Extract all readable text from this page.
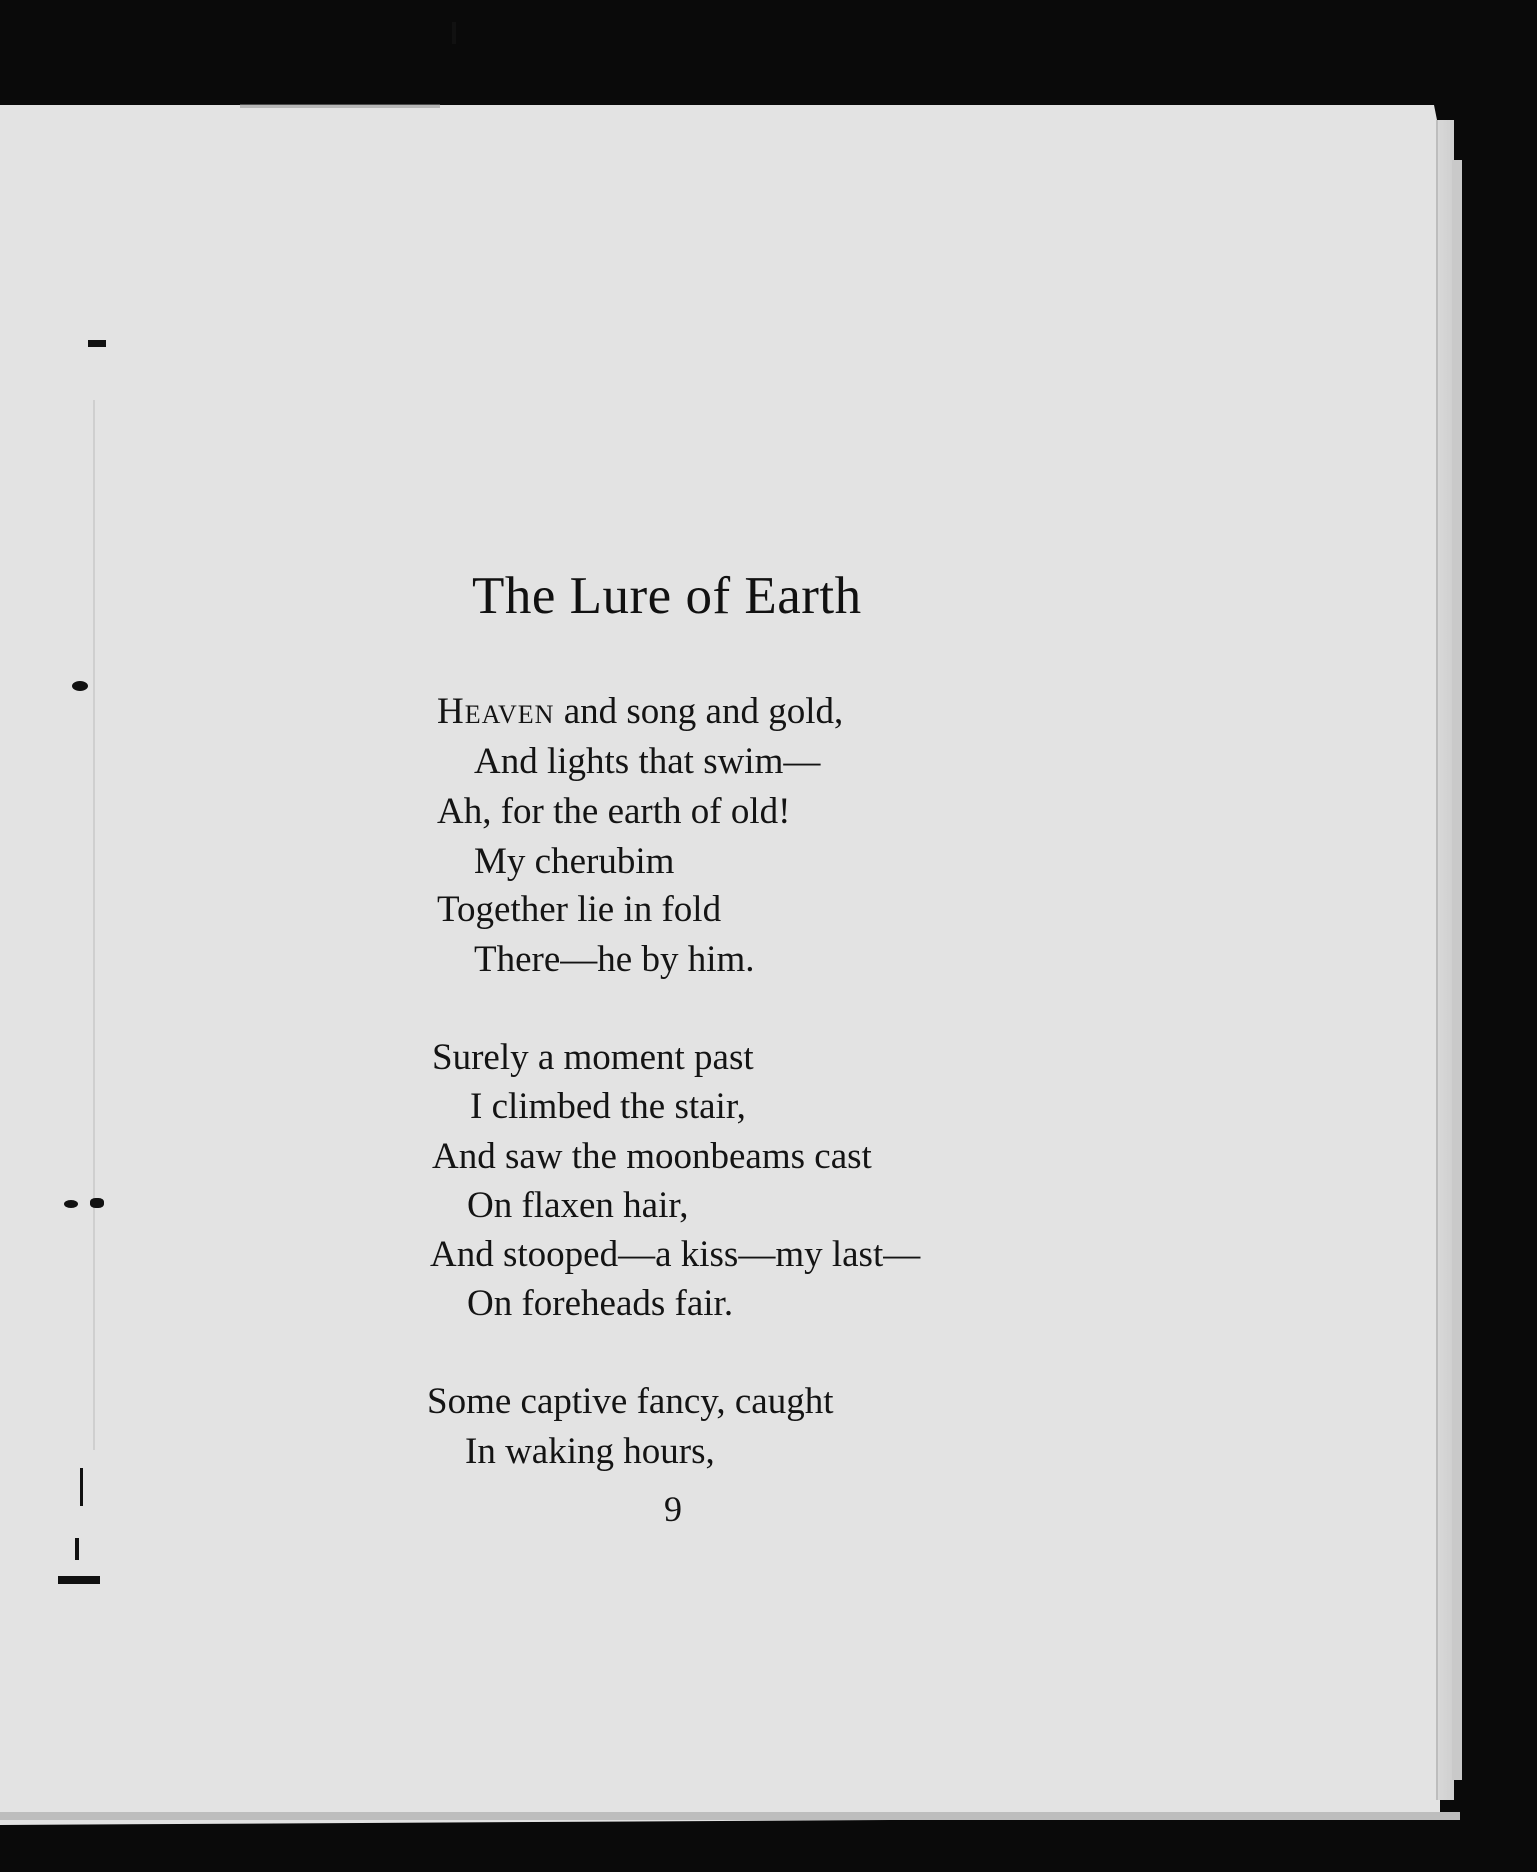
The Lure of Earth
Heaven and song and gold,
And lights that swim—
Ah, for the earth of old!
My cherubim
Together lie in fold
There—he by him.
Surely a moment past
I climbed the stair,
And saw the moonbeams cast
On flaxen hair,
And stooped—a kiss—my last—
On foreheads fair.
Some captive fancy, caught
In waking hours,
9
